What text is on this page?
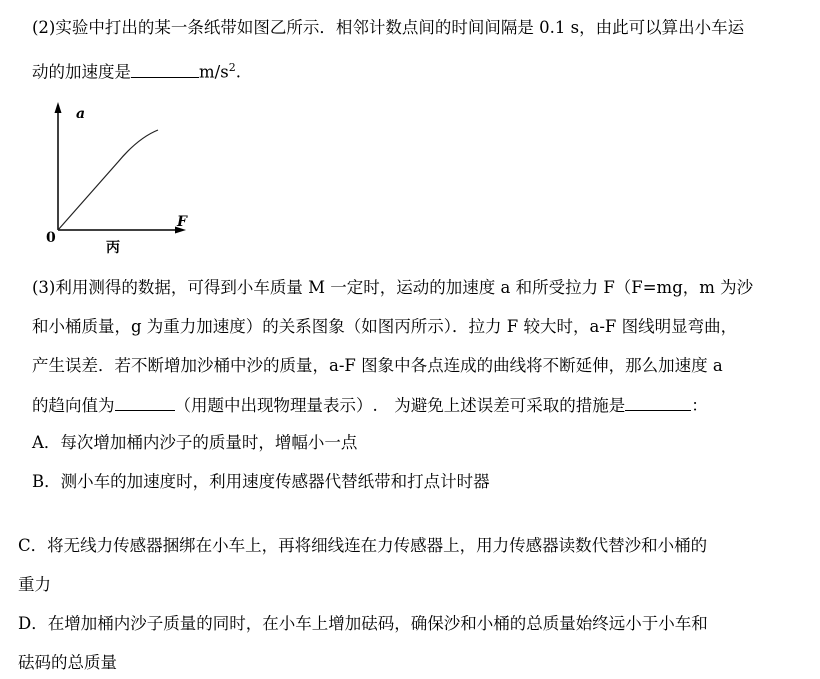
(2)实验中打出的某一条纸带如图乙所示．相邻计数点间的时间间隔是 0.1 s，由此可以算出小车运
动的加速度是	$m/s^2$.
a
F
0
丙
(3)利用测得的数据，可得到小车质量 M 一定时，运动的加速度 a 和所受拉力 F（F=mg，m 为沙
和小桶质量，g 为重力加速度）的关系图象（如图丙所示）．拉力 F 较大时，a-F 图线明显弯曲，
产生误差．若不断增加沙桶中沙的质量，a-F 图象中各点连成的曲线将不断延伸，那么加速度 a
的趋向值为	（用题中出现物理量表示）.　为避免上述误差可采取的措施是	：
A．每次增加桶内沙子的质量时，增幅小一点
B．测小车的加速度时，利用速度传感器代替纸带和打点计时器
C．将无线力传感器捆绑在小车上，再将细线连在力传感器上，用力传感器读数代替沙和小桶的
重力
D．在增加桶内沙子质量的同时，在小车上增加砝码，确保沙和小桶的总质量始终远小于小车和
砝码的总质量
